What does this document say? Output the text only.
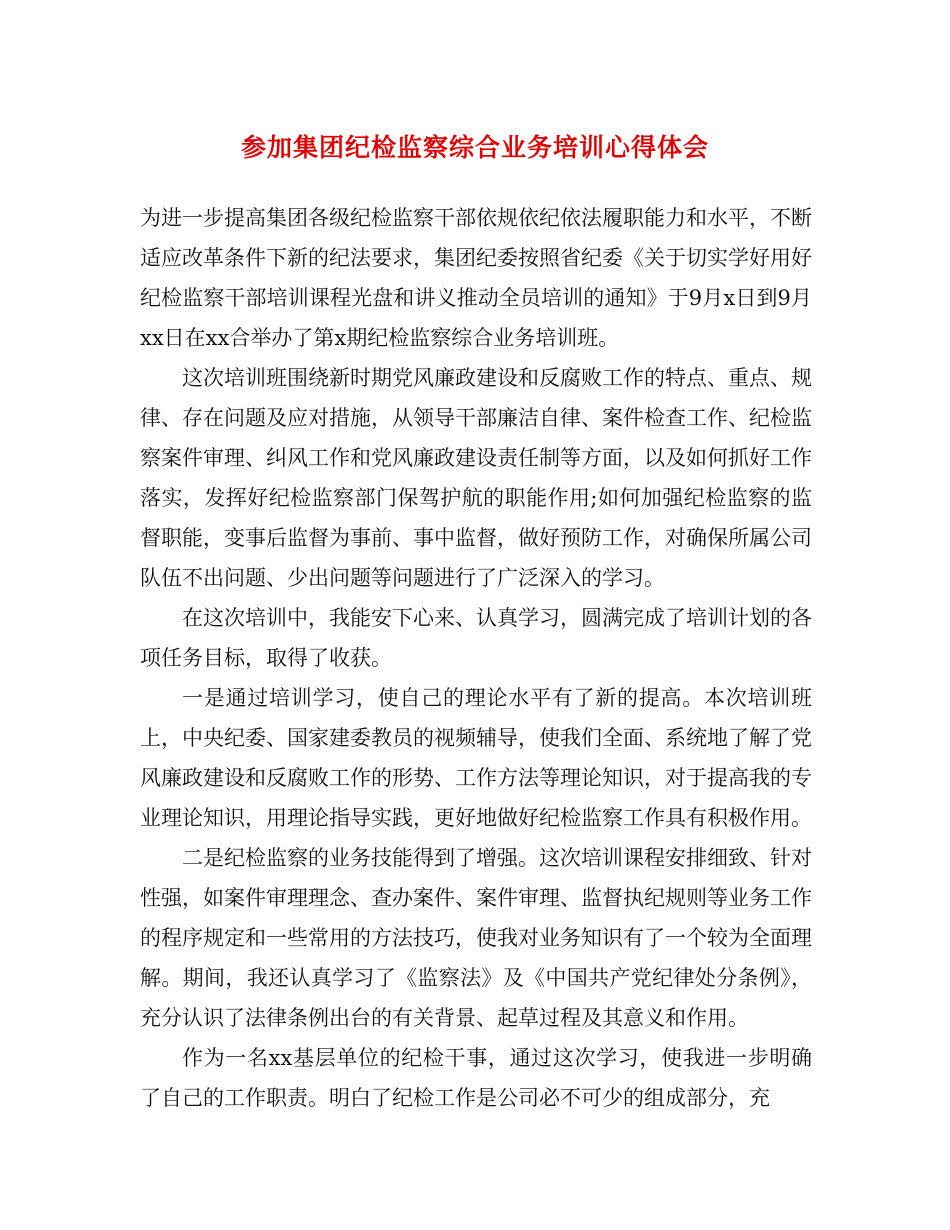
参加集团纪检监察综合业务培训心得体会

为进一步提高集团各级纪检监察干部依规依纪依法履职能力和水平，不断适应改革条件下新的纪法要求，集团纪委按照省纪委《关于切实学好用好纪检监察干部培训课程光盘和讲义推动全员培训的通知》于9月x日到9月xx日在xx合举办了第x期纪检监察综合业务培训班。

这次培训班围绕新时期党风廉政建设和反腐败工作的特点、重点、规律、存在问题及应对措施，从领导干部廉洁自律、案件检查工作、纪检监察案件审理、纠风工作和党风廉政建设责任制等方面，以及如何抓好工作落实，发挥好纪检监察部门保驾护航的职能作用;如何加强纪检监察的监督职能，变事后监督为事前、事中监督，做好预防工作，对确保所属公司队伍不出问题、少出问题等问题进行了广泛深入的学习。

在这次培训中，我能安下心来、认真学习，圆满完成了培训计划的各项任务目标，取得了收获。

一是通过培训学习，使自己的理论水平有了新的提高。本次培训班上，中央纪委、国家建委教员的视频辅导，使我们全面、系统地了解了党风廉政建设和反腐败工作的形势、工作方法等理论知识，对于提高我的专业理论知识，用理论指导实践，更好地做好纪检监察工作具有积极作用。

二是纪检监察的业务技能得到了增强。这次培训课程安排细致、针对性强，如案件审理理念、查办案件、案件审理、监督执纪规则等业务工作的程序规定和一些常用的方法技巧，使我对业务知识有了一个较为全面理解。期间，我还认真学习了《监察法》及《中国共产党纪律处分条例》，充分认识了法律条例出台的有关背景、起草过程及其意义和作用。

作为一名xx基层单位的纪检干事，通过这次学习，使我进一步明确了自己的工作职责。明白了纪检工作是公司必不可少的组成部分，充
